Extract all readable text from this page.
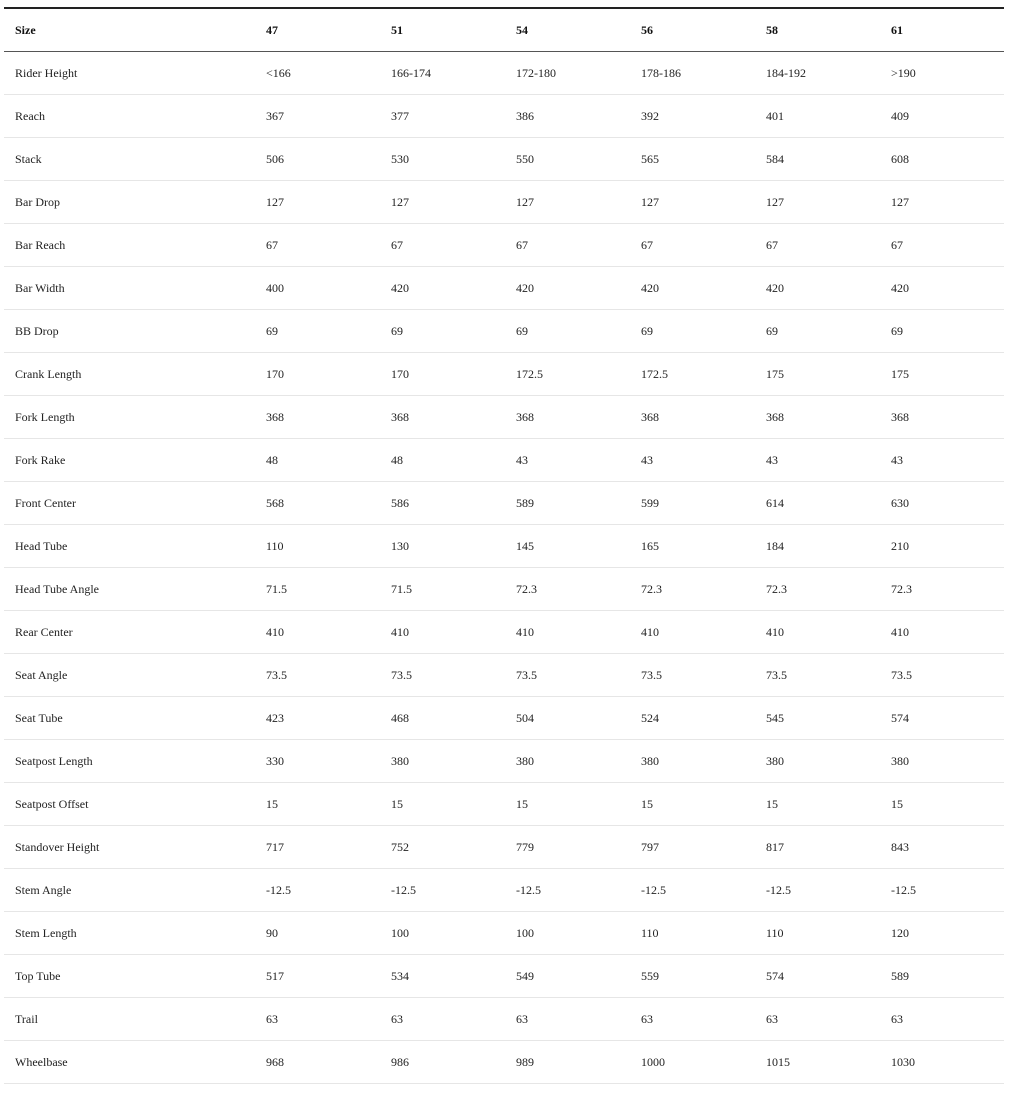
Size	47	51	54	56	58	61
Rider Height	<166	166-174	172-180	178-186	184-192	>190
Reach	367	377	386	392	401	409
Stack	506	530	550	565	584	608
Bar Drop	127	127	127	127	127	127
Bar Reach	67	67	67	67	67	67
Bar Width	400	420	420	420	420	420
BB Drop	69	69	69	69	69	69
Crank Length	170	170	172.5	172.5	175	175
Fork Length	368	368	368	368	368	368
Fork Rake	48	48	43	43	43	43
Front Center	568	586	589	599	614	630
Head Tube	110	130	145	165	184	210
Head Tube Angle	71.5	71.5	72.3	72.3	72.3	72.3
Rear Center	410	410	410	410	410	410
Seat Angle	73.5	73.5	73.5	73.5	73.5	73.5
Seat Tube	423	468	504	524	545	574
Seatpost Length	330	380	380	380	380	380
Seatpost Offset	15	15	15	15	15	15
Standover Height	717	752	779	797	817	843
Stem Angle	-12.5	-12.5	-12.5	-12.5	-12.5	-12.5
Stem Length	90	100	100	110	110	120
Top Tube	517	534	549	559	574	589
Trail	63	63	63	63	63	63
Wheelbase	968	986	989	1000	1015	1030
